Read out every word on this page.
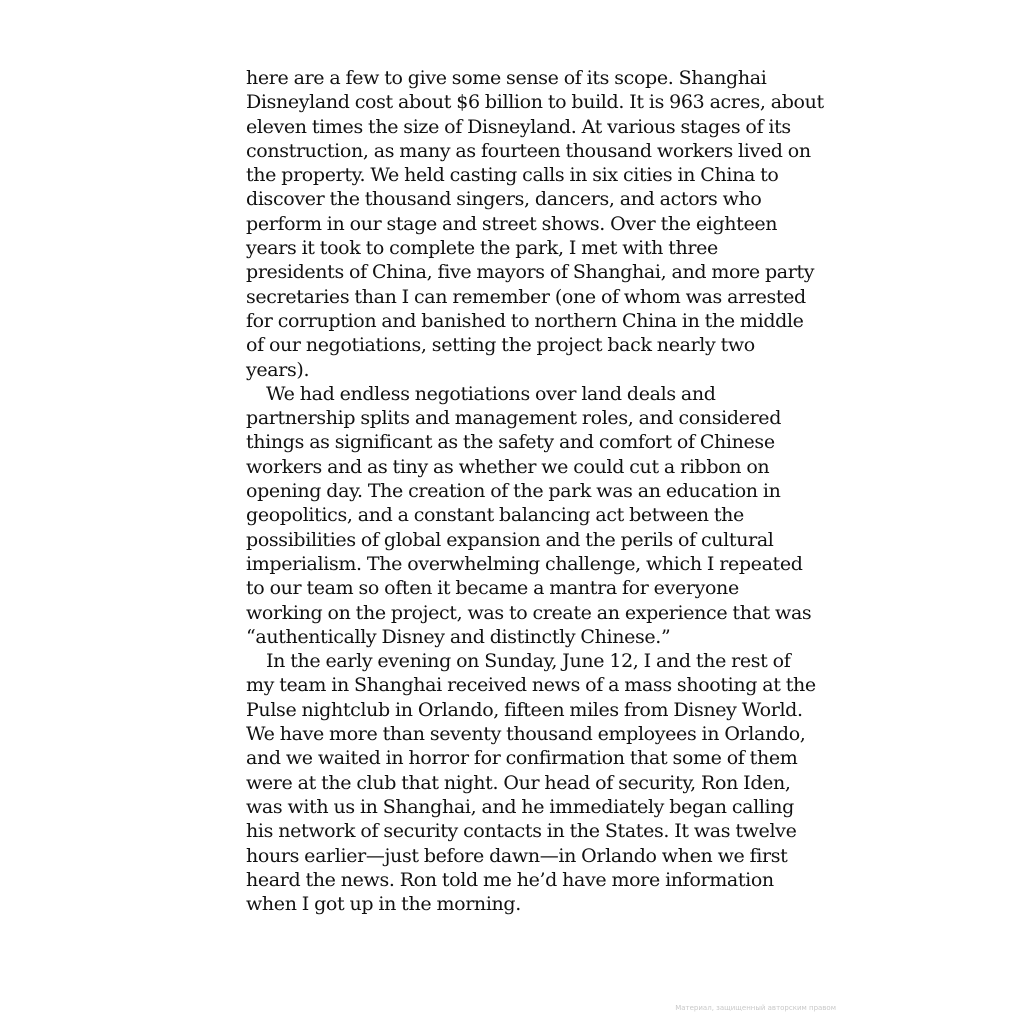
here are a few to give some sense of its scope. Shanghai
Disneyland cost about $6 billion to build. It is 963 acres, about
eleven times the size of Disneyland. At various stages of its
construction, as many as fourteen thousand workers lived on
the property. We held casting calls in six cities in China to
discover the thousand singers, dancers, and actors who
perform in our stage and street shows. Over the eighteen
years it took to complete the park, I met with three
presidents of China, five mayors of Shanghai, and more party
secretaries than I can remember (one of whom was arrested
for corruption and banished to northern China in the middle
of our negotiations, setting the project back nearly two
years).
We had endless negotiations over land deals and
partnership splits and management roles, and considered
things as significant as the safety and comfort of Chinese
workers and as tiny as whether we could cut a ribbon on
opening day. The creation of the park was an education in
geopolitics, and a constant balancing act between the
possibilities of global expansion and the perils of cultural
imperialism. The overwhelming challenge, which I repeated
to our team so often it became a mantra for everyone
working on the project, was to create an experience that was
“authentically Disney and distinctly Chinese.”
In the early evening on Sunday, June 12, I and the rest of
my team in Shanghai received news of a mass shooting at the
Pulse nightclub in Orlando, fifteen miles from Disney World.
We have more than seventy thousand employees in Orlando,
and we waited in horror for confirmation that some of them
were at the club that night. Our head of security, Ron Iden,
was with us in Shanghai, and he immediately began calling
his network of security contacts in the States. It was twelve
hours earlier—just before dawn—in Orlando when we first
heard the news. Ron told me he’d have more information
when I got up in the morning.
Материал, защищенный авторским правом
